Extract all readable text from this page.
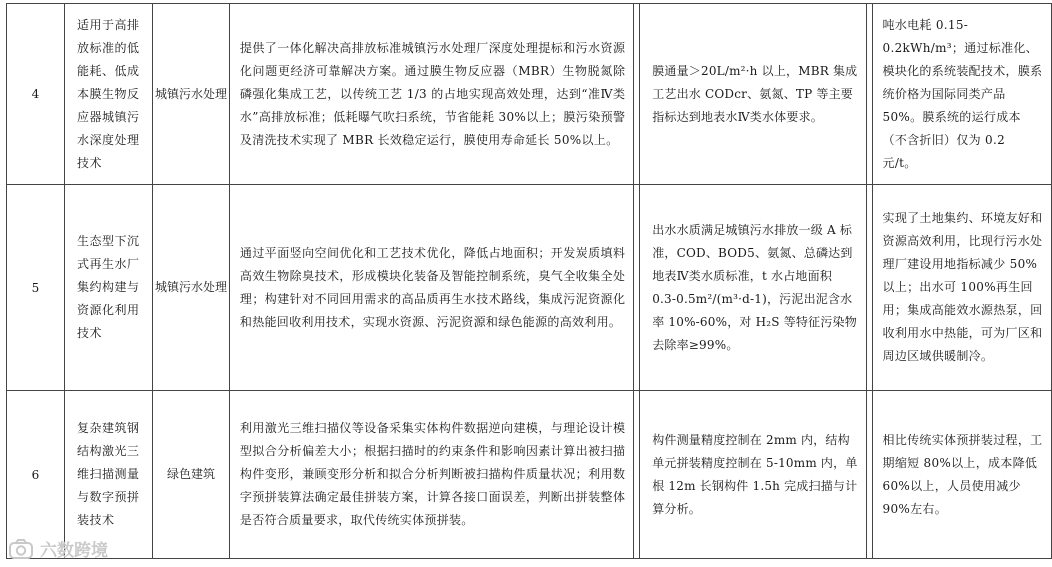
4	适用于高排放标准的低能耗、低成本膜生物反应器城镇污水深度处理技术	城镇污水处理	提供了一体化解决高排放标准城镇污水处理厂深度处理提标和污水资源化问题更经济可靠解决方案。通过膜生物反应器（MBR）生物脱氮除磷强化集成工艺，以传统工艺 1/3 的占地实现高效处理，达到“准Ⅳ类水”高排放标准；低耗曝气吹扫系统，节省能耗 30%以上；膜污染预警及清洗技术实现了 MBR 长效稳定运行，膜使用寿命延长 50%以上。		膜通量＞20L/m²·h 以上，MBR 集成工艺出水 CODcr、氨氮、TP 等主要指标达到地表水Ⅳ类水体要求。		吨水电耗 0.15-0.2kWh/m³；通过标准化、模块化的系统装配技术，膜系统价格为国际同类产品 50%。膜系统的运行成本（不含折旧）仅为 0.2 元/t。

5	生态型下沉式再生水厂集约构建与资源化利用技术	城镇污水处理	通过平面竖向空间优化和工艺技术优化，降低占地面积；开发炭质填料高效生物除臭技术，形成模块化装备及智能控制系统，臭气全收集全处理；构建针对不同回用需求的高品质再生水技术路线，集成污泥资源化和热能回收利用技术，实现水资源、污泥资源和绿色能源的高效利用。		出水水质满足城镇污水排放一级 A 标准，COD、BOD5、氨氮、总磷达到地表Ⅳ类水质标准，t 水占地面积 0.3-0.5m²/(m³·d-1)，污泥出泥含水率 10%-60%，对 H₂S 等特征污染物去除率≥99%。		实现了土地集约、环境友好和资源高效利用，比现行污水处理厂建设用地指标减少 50%以上；出水可 100%再生回用；集成高能效水源热泵，回收利用水中热能，可为厂区和周边区域供暖制冷。

6	复杂建筑钢结构激光三维扫描测量与数字预拼装技术	绿色建筑	利用激光三维扫描仪等设备采集实体构件数据逆向建模，与理论设计模型拟合分析偏差大小；根据扫描时的约束条件和影响因素计算出被扫描构件变形，兼顾变形分析和拟合分析判断被扫描构件质量状况；利用数字预拼装算法确定最佳拼装方案，计算各接口面误差，判断出拼装整体是否符合质量要求，取代传统实体预拼装。		构件测量精度控制在 2mm 内，结构单元拼装精度控制在 5-10mm 内，单根 12m 长钢构件 1.5h 完成扫描与计算分析。		相比传统实体预拼装过程，工期缩短 80%以上，成本降低 60%以上，人员使用减少 90%左右。
六数跨境
